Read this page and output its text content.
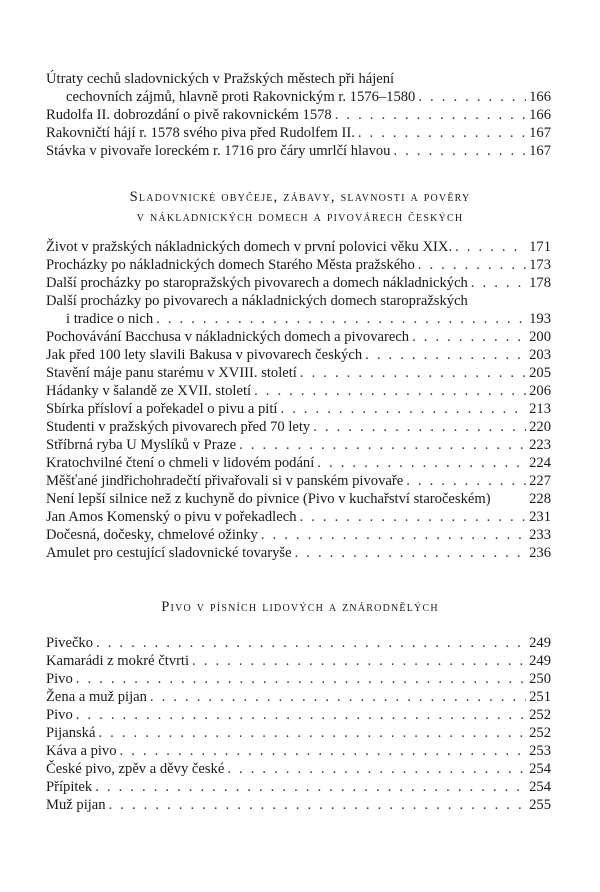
Útraty cechů sladovnických v Pražských městech při hájení
cechovních zájmů, hlavně proti Rakovnickým r. 1576–1580 . . .	166
Rudolfa II. dobrozdání o pivě rakovnickém 1578 . . .	166
Rakovničtí hájí r. 1578 svého piva před Rudolfem II. . . .	167
Stávka v pivovaře loreckém r. 1716 pro čáry umrlčí hlavou . . .	167
Sladovnické obyčeje, zábavy, slavnosti a pověry
v nákladnických domech a pivovárech českých
Život v pražských nákladnických domech v první polovici věku XIX. . . .	171
Procházky po nákladnických domech Starého Města pražského . . .	173
Další procházky po staropražských pivovarech a domech nákladnických . . .	178
Další procházky po pivovarech a nákladnických domech staropražských
i tradice o nich . . .	193
Pochovávání Bacchusa v nákladnických domech a pivovarech . . .	200
Jak před 100 lety slavili Bakusa v pivovarech českých . . .	203
Stavění máje panu starému v XVIII. století . . .	205
Hádanky v šalandě ze XVII. století . . .	206
Sbírka přísloví a pořekadel o pivu a pití . . .	213
Studenti v pražských pivovarech před 70 lety . . .	220
Stříbrná ryba U Myslíků v Praze . . .	223
Kratochvilné čtení o chmeli v lidovém podání . . .	224
Měšťané jindřichohradečtí přivařovali si v panském pivovaře . . .	227
Není lepší silnice než z kuchyně do pivnice (Pivo v kuchařství staročeském)	228
Jan Amos Komenský o pivu v pořekadlech . . .	231
Dočesná, dočesky, chmelové ožinky . . .	233
Amulet pro cestující sladovnické tovaryše . . .	236
Pivo v písních lidových a znárodnělých
Pivečko . . .	249
Kamarádi z mokré čtvrti . . .	249
Pivo . . .	250
Žena a muž pijan . . .	251
Pivo . . .	252
Pijanská . . .	252
Káva a pivo . . .	253
České pivo, zpěv a děvy české . . .	254
Přípitek . . .	254
Muž pijan . . .	255
